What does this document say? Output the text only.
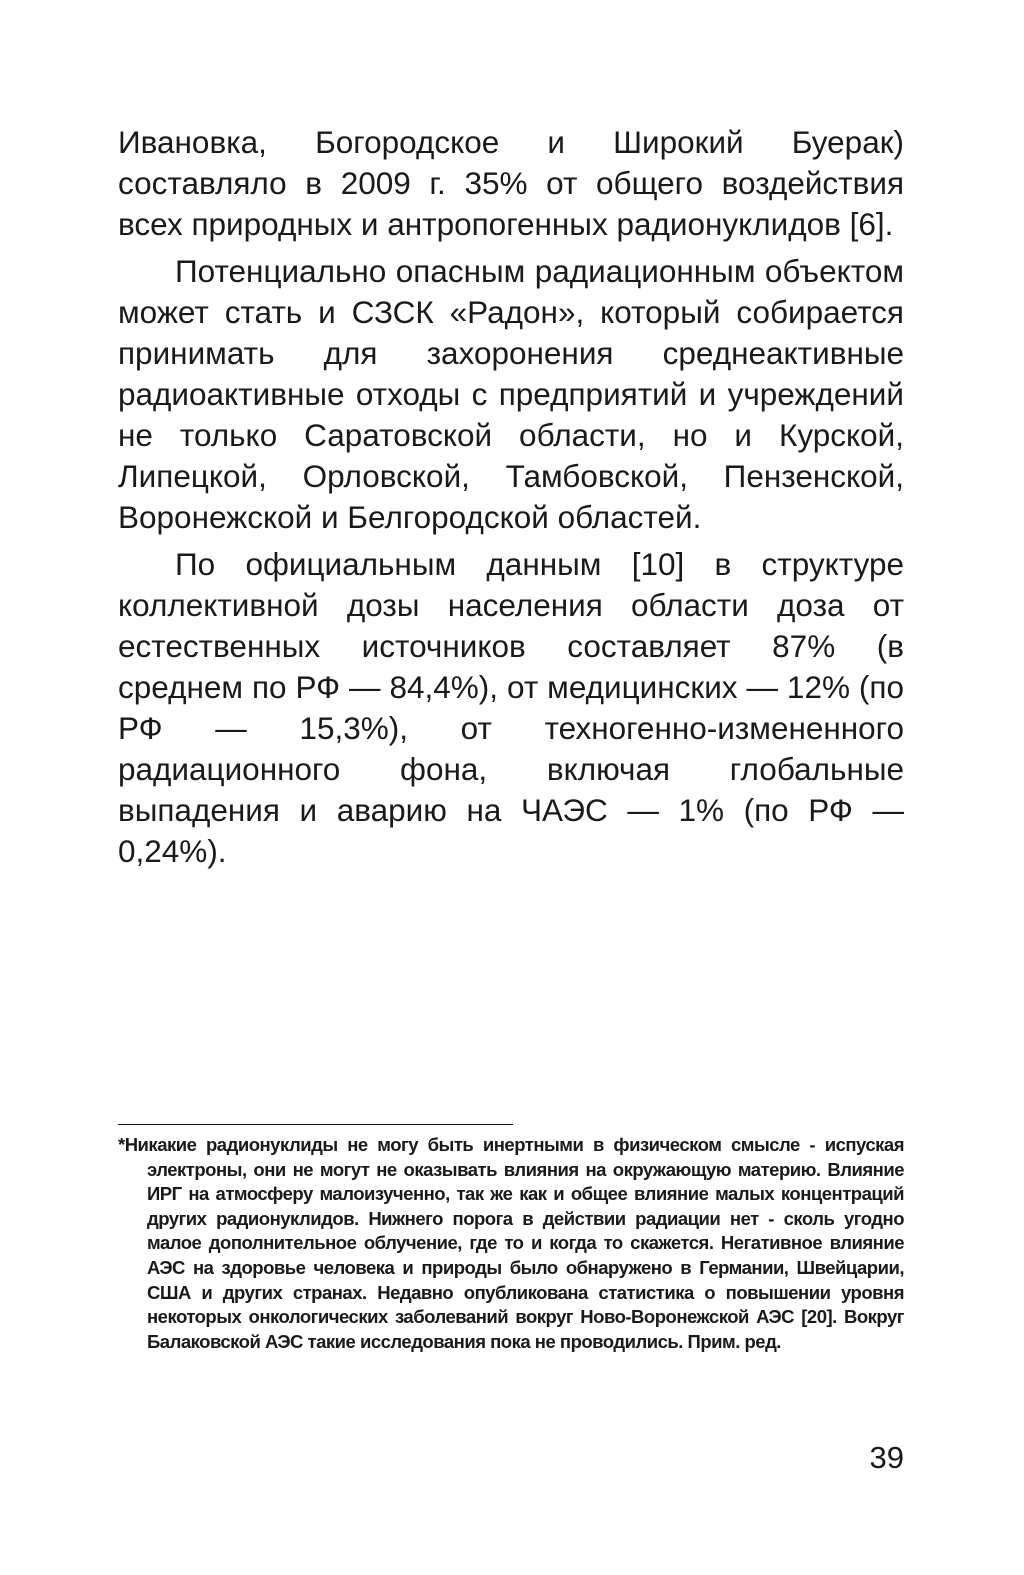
Ивановка, Богородское и Широкий Буерак) составляло в 2009 г. 35% от общего воздействия всех природных и антропогенных радионуклидов [6].

Потенциально опасным радиационным объектом может стать и СЗСК «Радон», который собирается принимать для захоронения среднеактивные радиоактивные отходы с предприятий и учреждений не только Саратовской области, но и Курской, Липецкой, Орловской, Тамбовской, Пензенской, Воронежской и Белгородской областей.

По официальным данным [10] в структуре коллективной дозы населения области доза от естественных источников составляет 87% (в среднем по РФ — 84,4%), от медицинских — 12% (по РФ — 15,3%), от техногенно-измененного радиационного фона, включая глобальные выпадения и аварию на ЧАЭС — 1% (по РФ — 0,24%).

*Никакие радионуклиды не могу быть инертными в физическом смысле - испуская электроны, они не могут не оказывать влияния на окружающую материю. Влияние ИРГ на атмосферу малоизученно, так же как и общее влияние малых концентраций других радионуклидов. Нижнего порога в действии радиации нет - сколь угодно малое дополнительное облучение, где то и когда то скажется. Негативное влияние АЭС на здоровье человека и природы было обнаружено в Германии, Швейцарии, США и других странах. Недавно опубликована статистика о повышении уровня некоторых онкологических заболеваний вокруг Ново-Воронежской АЭС [20]. Вокруг Балаковской АЭС такие исследования пока не проводились. Прим. ред.

39
